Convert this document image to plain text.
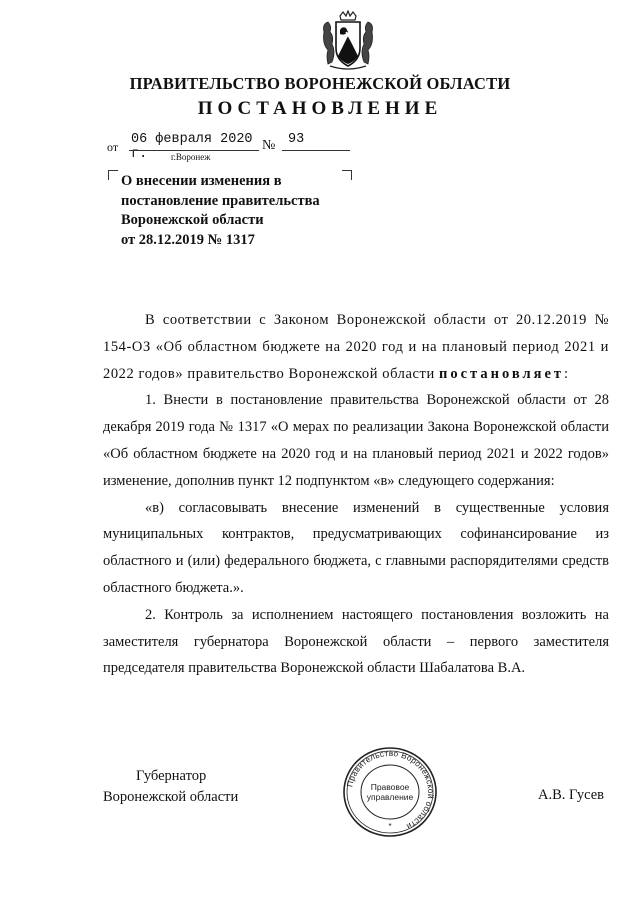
ПРАВИТЕЛЬСТВО ВОРОНЕЖСКОЙ ОБЛАСТИ
ПОСТАНОВЛЕНИЕ
от 06 февраля 2020 г.
№ 93
г.Воронеж
О внесении изменения в
постановление правительства
Воронежской области
от 28.12.2019 № 1317

В соответствии с Законом Воронежской области от 20.12.2019 № 154-ОЗ «Об областном бюджете на 2020 год и на плановый период 2021 и 2022 годов» правительство Воронежской области постановляет:

1. Внести в постановление правительства Воронежской области от 28 декабря 2019 года № 1317 «О мерах по реализации Закона Воронежской области «Об областном бюджете на 2020 год и на плановый период 2021 и 2022 годов» изменение, дополнив пункт 12 подпунктом «в» следующего содержания:

«в) согласовывать внесение изменений в существенные условия муниципальных контрактов, предусматривающих софинансирование из областного и (или) федерального бюджета, с главными распорядителями средств областного бюджета.».

2. Контроль за исполнением настоящего постановления возложить на заместителя губернатора Воронежской области – первого заместителя председателя правительства Воронежской области Шабалатова В.А.

Губернатор
Воронежской области	А.В. Гусев
Правительство Воронежской области
Правовое
управление
*
